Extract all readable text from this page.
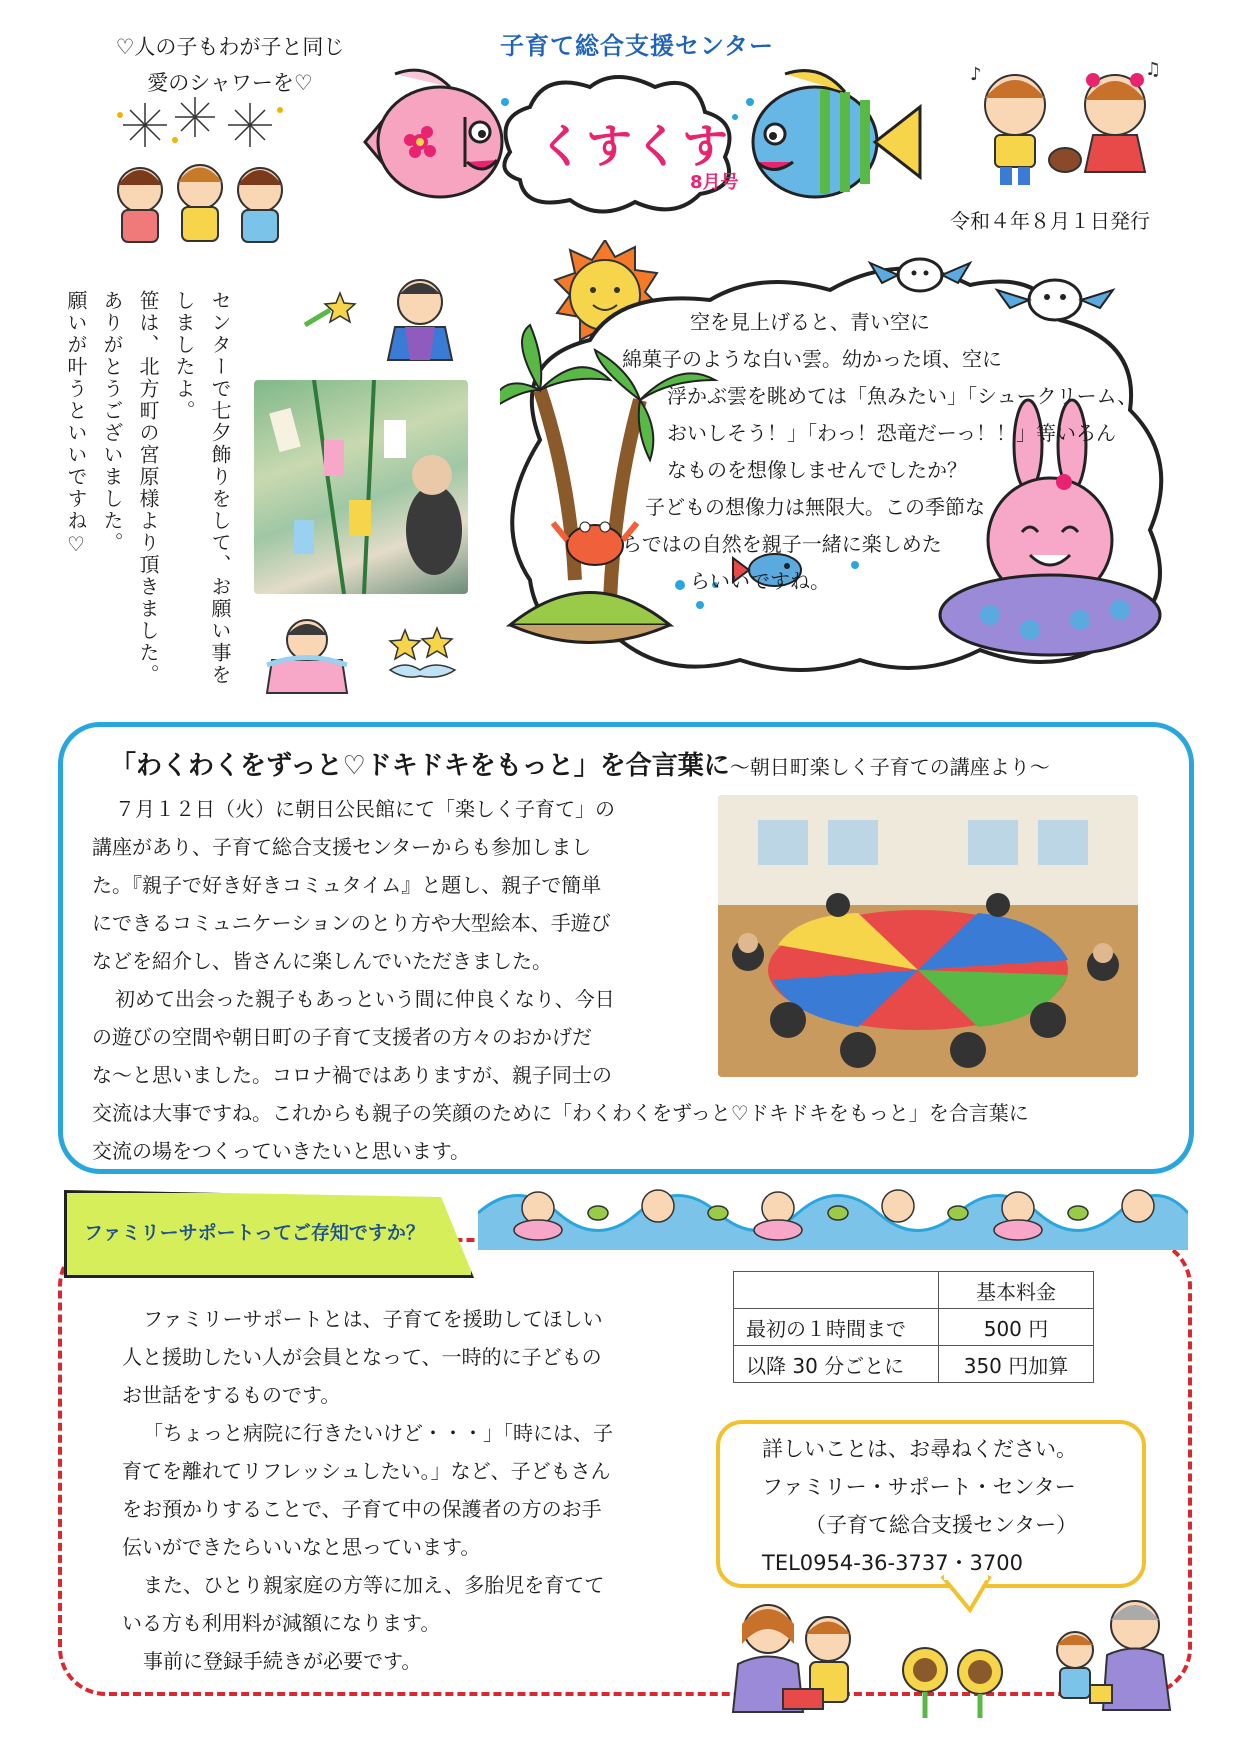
♡人の子もわが子と同じ
愛のシャワーを♡
子育て総合支援センター
くすくす
8月号
♪	♫
令和４年８月１日発行
センターで七夕飾りをして、お願い事を
しましたよ。
笹は、北方町の宮原様より頂きました。
ありがとうございました。
願いが叶うといいですね♡	空を見上げると、青い空に
綿菓子のような白い雲。幼かった頃、空に
浮かぶ雲を眺めては「魚みたい」「シュークリーム、
おいしそう！」「わっ！恐竜だーっ！！」等いろん
なものを想像しませんでしたか？
子どもの想像力は無限大。この季節な
らではの自然を親子一緒に楽しめた
らいいですね。
「わくわくをずっと♡ドキドキをもっと」を合言葉に～朝日町楽しく子育ての講座より～
７月１２日（火）に朝日公民館にて「楽しく子育て」の
講座があり、子育て総合支援センターからも参加しまし
た。『親子で好き好きコミュタイム』と題し、親子で簡単
にできるコミュニケーションのとり方や大型絵本、手遊び
などを紹介し、皆さんに楽しんでいただきました。
初めて出会った親子もあっという間に仲良くなり、今日
の遊びの空間や朝日町の子育て支援者の方々のおかげだ
な～と思いました。コロナ禍ではありますが、親子同士の
交流は大事ですね。これからも親子の笑顔のために「わくわくをずっと♡ドキドキをもっと」を合言葉に
交流の場をつくっていきたいと思います。
ファミリーサポートってご存知ですか？
ファミリーサポートとは、子育てを援助してほしい
人と援助したい人が会員となって、一時的に子どもの
お世話をするものです。
「ちょっと病院に行きたいけど・・・」「時には、子
育てを離れてリフレッシュしたい。」など、子どもさん
をお預かりすることで、子育て中の保護者の方のお手
伝いができたらいいなと思っています。
また、ひとり親家庭の方等に加え、多胎児を育てて
いる方も利用料が減額になります。
事前に登録手続きが必要です。
	基本料金
最初の１時間まで	500 円
以降 30 分ごとに	350 円加算
詳しいことは、お尋ねください。
ファミリー・サポート・センター
（子育て総合支援センター）
TEL0954-36-3737・3700
